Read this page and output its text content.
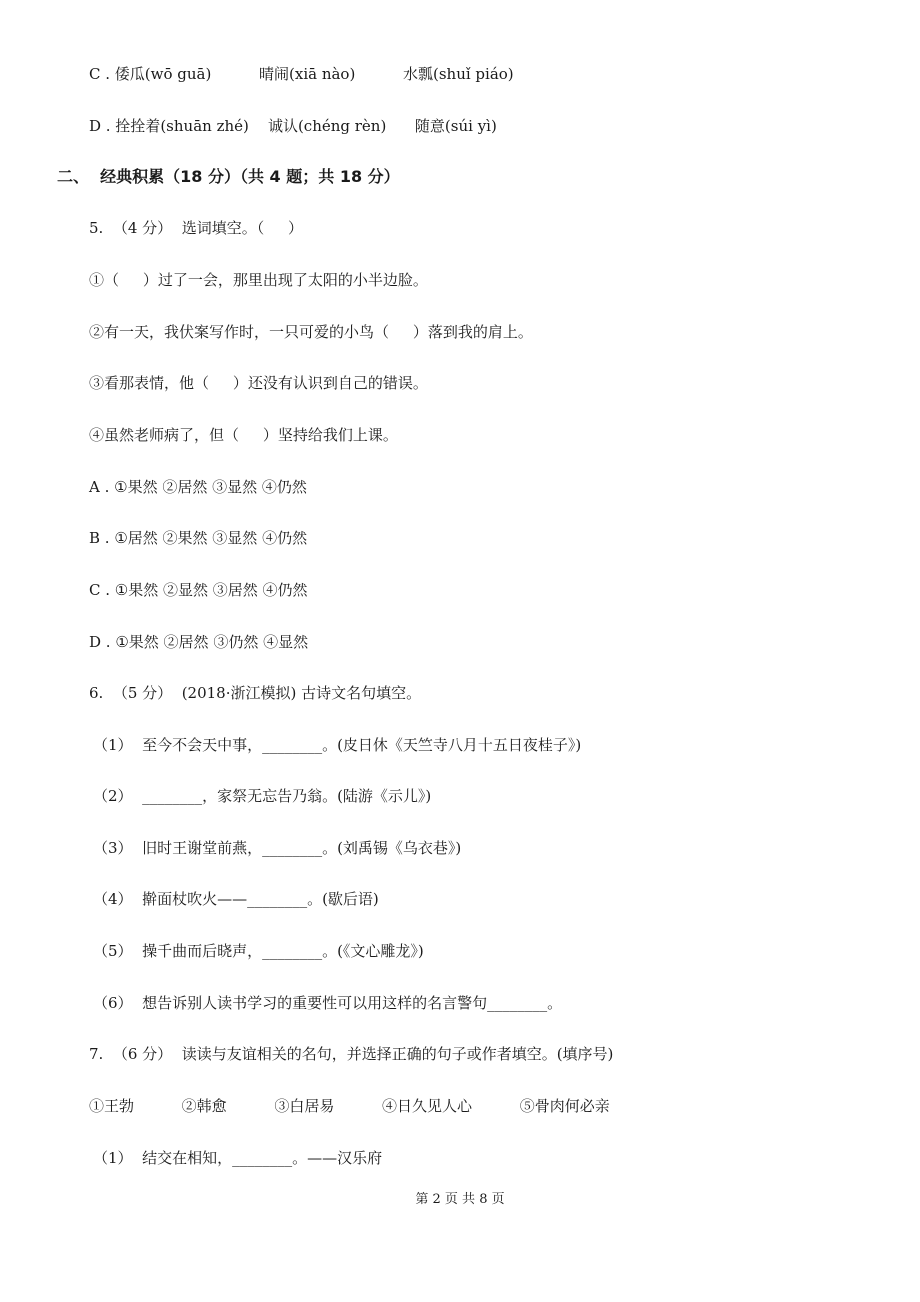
C . 倭瓜(wō guā)          晴闹(xiā nào)          水瓢(shuǐ piáo)
D . 拴拴着(shuān zhé)    诚认(chéng rèn)      随意(súi yì)
二、  经典积累（18 分）（共 4 题；共 18 分）
5.  （4 分）  选词填空。（     ）
①（     ）过了一会，那里出现了太阳的小半边脸。
②有一天，我伏案写作时，一只可爱的小鸟（     ）落到我的肩上。
③看那表情，他（     ）还没有认识到自己的错误。
④虽然老师病了，但（     ）坚持给我们上课。
A . ①果然 ②居然 ③显然 ④仍然
B . ①居然 ②果然 ③显然 ④仍然
C . ①果然 ②显然 ③居然 ④仍然
D . ①果然 ②居然 ③仍然 ④显然
6.  （5 分）  (2018·浙江模拟) 古诗文名句填空。
（1）  至今不会天中事，________。(皮日休《天竺寺八月十五日夜桂子》)
（2）  ________，家祭无忘告乃翁。(陆游《示儿》)
（3）  旧时王谢堂前燕，________。(刘禹锡《乌衣巷》)
（4）  擀面杖吹火——________。(歇后语)
（5）  操千曲而后晓声，________。(《文心雕龙》)
（6）  想告诉别人读书学习的重要性可以用这样的名言警句________。
7.  （6 分）  读读与友谊相关的名句，并选择正确的句子或作者填空。(填序号)
①王勃          ②韩愈          ③白居易          ④日久见人心          ⑤骨肉何必亲
（1）  结交在相知，________。——汉乐府
第 2 页 共 8 页
